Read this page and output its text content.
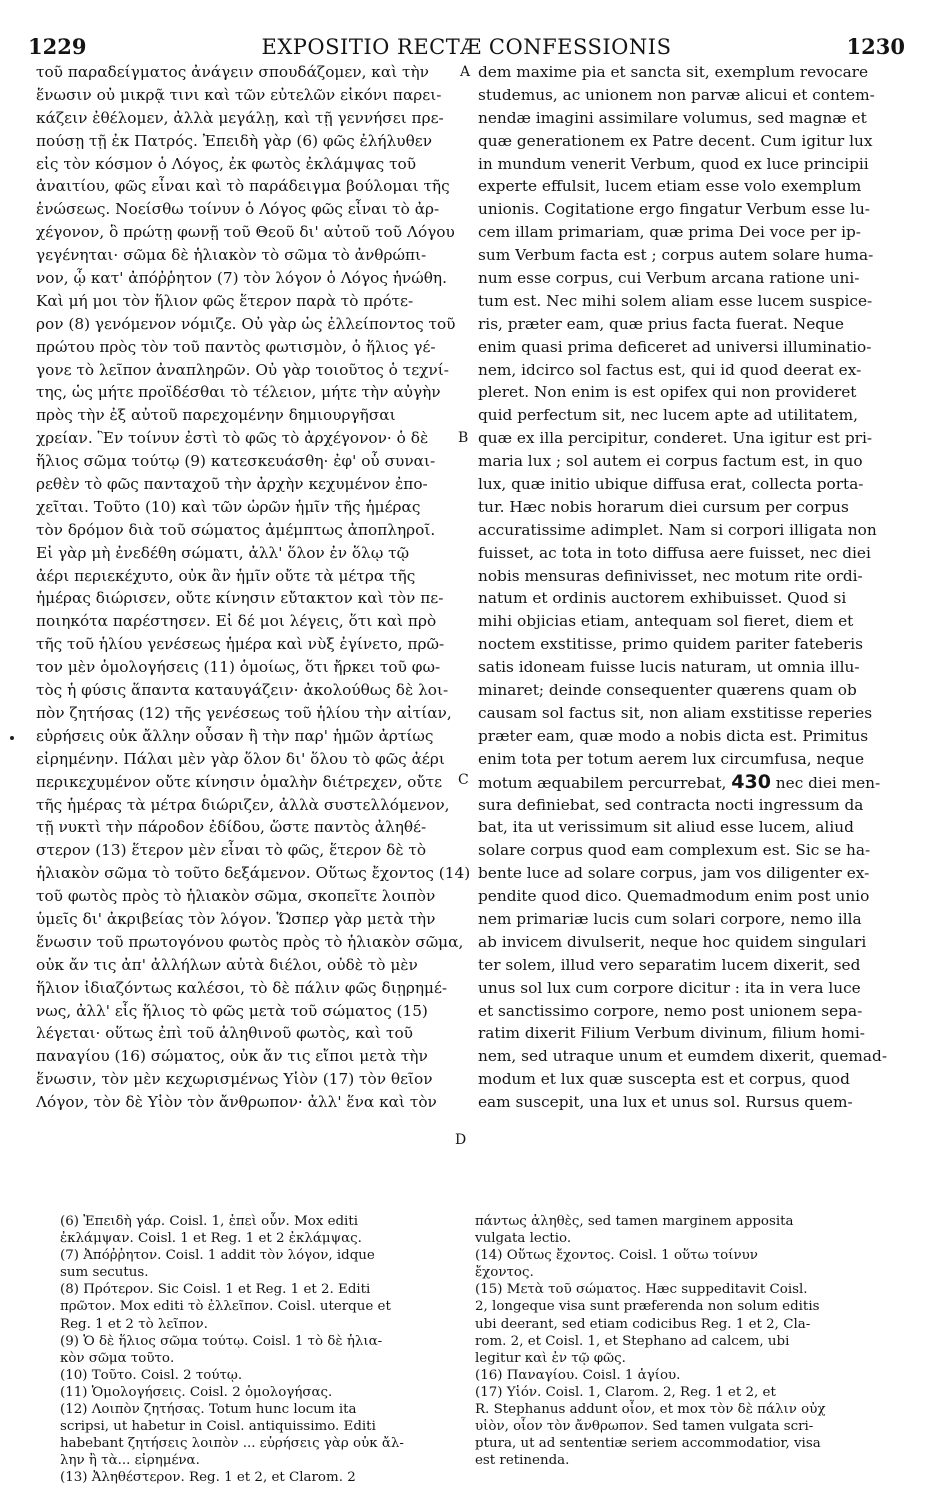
1229	EXPOSITIO RECTÆ CONFESSIONIS	1230
τοῦ παραδείγματος ἀνάγειν σπουδάζομεν, καὶ τὴν
ἕνωσιν οὐ μικρᾷ τινι καὶ τῶν εὐτελῶν εἰκόνι παρει-
κάζειν ἐθέλομεν, ἀλλὰ μεγάλῃ, καὶ τῇ γεννήσει πρε-
πούσῃ τῇ ἐκ Πατρός. Ἐπειδὴ γὰρ (6) φῶς ἐλήλυθεν
εἰς τὸν κόσμον ὁ Λόγος, ἐκ φωτὸς ἐκλάμψας τοῦ
ἀναιτίου, φῶς εἶναι καὶ τὸ παράδειγμα βούλομαι τῆς
ἑνώσεως. Νοείσθω τοίνυν ὁ Λόγος φῶς εἶναι τὸ ἀρ-
χέγονον, ὃ πρώτῃ φωνῇ τοῦ Θεοῦ δι' αὐτοῦ τοῦ Λόγου
γεγένηται· σῶμα δὲ ἡλιακὸν τὸ σῶμα τὸ ἀνθρώπι-
νον, ᾧ κατ' ἀπόῤῥητον (7) τὸν λόγον ὁ Λόγος ἡνώθη.
Καὶ μή μοι τὸν ἥλιον φῶς ἕτερον παρὰ τὸ πρότε-
ρον (8) γενόμενον νόμιζε. Οὐ γὰρ ὡς ἐλλείποντος τοῦ
πρώτου πρὸς τὸν τοῦ παντὸς φωτισμὸν, ὁ ἥλιος γέ-
γονε τὸ λεῖπον ἀναπληρῶν. Οὐ γὰρ τοιοῦτος ὁ τεχνί-
της, ὡς μήτε προϊδέσθαι τὸ τέλειον, μήτε τὴν αὐγὴν
πρὸς τὴν ἐξ αὐτοῦ παρεχομένην δημιουργῆσαι
χρείαν. Ἓν τοίνυν ἐστὶ τὸ φῶς τὸ ἀρχέγονον· ὁ δὲ
ἥλιος σῶμα τούτῳ (9) κατεσκευάσθη· ἐφ' οὗ συναι-
ρεθὲν τὸ φῶς πανταχοῦ τὴν ἀρχὴν κεχυμένον ἐπο-
χεῖται. Τοῦτο (10) καὶ τῶν ὡρῶν ἡμῖν τῆς ἡμέρας
τὸν δρόμον διὰ τοῦ σώματος ἀμέμπτως ἀποπληροῖ.
Εἰ γὰρ μὴ ἐνεδέθη σώματι, ἀλλ' ὅλον ἐν ὅλῳ τῷ
ἀέρι περιεκέχυτο, οὐκ ἂν ἡμῖν οὔτε τὰ μέτρα τῆς
ἡμέρας διώρισεν, οὔτε κίνησιν εὔτακτον καὶ τὸν πε-
ποιηκότα παρέστησεν. Εἰ δέ μοι λέγεις, ὅτι καὶ πρὸ
τῆς τοῦ ἡλίου γενέσεως ἡμέρα καὶ νὺξ ἐγίνετο, πρῶ-
τον μὲν ὁμολογήσεις (11) ὁμοίως, ὅτι ἤρκει τοῦ φω-
τὸς ἡ φύσις ἅπαντα καταυγάζειν· ἀκολούθως δὲ λοι-
πὸν ζητήσας (12) τῆς γενέσεως τοῦ ἡλίου τὴν αἰτίαν,
εὑρήσεις οὐκ ἄλλην οὖσαν ἢ τὴν παρ' ἡμῶν ἀρτίως
εἰρημένην. Πάλαι μὲν γὰρ ὅλον δι' ὅλου τὸ φῶς ἀέρι
περικεχυμένον οὔτε κίνησιν ὁμαλὴν διέτρεχεν, οὔτε
τῆς ἡμέρας τὰ μέτρα διώριζεν, ἀλλὰ συστελλόμενον,
τῇ νυκτὶ τὴν πάροδον ἐδίδου, ὥστε παντὸς ἀληθέ-
στερον (13) ἕτερον μὲν εἶναι τὸ φῶς, ἕτερον δὲ τὸ
ἡλιακὸν σῶμα τὸ τοῦτο δεξάμενον. Οὕτως ἔχοντος (14)
τοῦ φωτὸς πρὸς τὸ ἡλιακὸν σῶμα, σκοπεῖτε λοιπὸν
ὑμεῖς δι' ἀκριβείας τὸν λόγον. Ὥσπερ γὰρ μετὰ τὴν
ἕνωσιν τοῦ πρωτογόνου φωτὸς πρὸς τὸ ἡλιακὸν σῶμα,
οὐκ ἄν τις ἀπ' ἀλλήλων αὐτὰ διέλοι, οὐδὲ τὸ μὲν
ἥλιον ἰδιαζόντως καλέσοι, τὸ δὲ πάλιν φῶς διῃρημέ-
νως, ἀλλ' εἷς ἥλιος τὸ φῶς μετὰ τοῦ σώματος (15)
λέγεται· οὕτως ἐπὶ τοῦ ἀληθινοῦ φωτὸς, καὶ τοῦ
παναγίου (16) σώματος, οὐκ ἄν τις εἴποι μετὰ τὴν
ἕνωσιν, τὸν μὲν κεχωρισμένως Υἱὸν (17) τὸν θεῖον
Λόγον, τὸν δὲ Υἱὸν τὸν ἄνθρωπον· ἀλλ' ἕνα καὶ τὸν
dem maxime pia et sancta sit, exemplum revocare
studemus, ac unionem non parvæ alicui et contem-
nendæ imagini assimilare volumus, sed magnæ et
quæ generationem ex Patre decent. Cum igitur lux
in mundum venerit Verbum, quod ex luce principii
experte effulsit, lucem etiam esse volo exemplum
unionis. Cogitatione ergo fingatur Verbum esse lu-
cem illam primariam, quæ prima Dei voce per ip-
sum Verbum facta est ; corpus autem solare huma-
num esse corpus, cui Verbum arcana ratione uni-
tum est. Nec mihi solem aliam esse lucem suspice-
ris, præter eam, quæ prius facta fuerat. Neque
enim quasi prima deficeret ad universi illuminatio-
nem, idcirco sol factus est, qui id quod deerat ex-
pleret. Non enim is est opifex qui non provideret
quid perfectum sit, nec lucem apte ad utilitatem,
quæ ex illa percipitur, conderet. Una igitur est pri-
maria lux ; sol autem ei corpus factum est, in quo
lux, quæ initio ubique diffusa erat, collecta porta-
tur. Hæc nobis horarum diei cursum per corpus
accuratissime adimplet. Nam si corpori illigata non
fuisset, ac tota in toto diffusa aere fuisset, nec diei
nobis mensuras definivisset, nec motum rite ordi-
natum et ordinis auctorem exhibuisset. Quod si
mihi objicias etiam, antequam sol fieret, diem et
noctem exstitisse, primo quidem pariter fateberis
satis idoneam fuisse lucis naturam, ut omnia illu-
minaret; deinde consequenter quærens quam ob
causam sol factus sit, non aliam exstitisse reperies
præter eam, quæ modo a nobis dicta est. Primitus
enim tota per totum aerem lux circumfusa, neque
motum æquabilem percurrebat, 430 nec diei men-
sura definiebat, sed contracta nocti ingressum da
bat, ita ut verissimum sit aliud esse lucem, aliud
solare corpus quod eam complexum est. Sic se ha-
bente luce ad solare corpus, jam vos diligenter ex-
pendite quod dico. Quemadmodum enim post unio
nem primariæ lucis cum solari corpore, nemo illa
ab invicem divulserit, neque hoc quidem singulari
ter solem, illud vero separatim lucem dixerit, sed
unus sol lux cum corpore dicitur : ita in vera luce
et sanctissimo corpore, nemo post unionem sepa-
ratim dixerit Filium Verbum divinum, filium homi-
nem, sed utraque unum et eumdem dixerit, quemad-
modum et lux quæ suscepta est et corpus, quod
eam suscepit, una lux et unus sol. Rursus quem-
A
B
C
D
(6) Ἐπειδὴ γάρ. Coisl. 1, ἐπεὶ οὖν. Mox editi
ἐκλάμψαν. Coisl. 1 et Reg. 1 et 2 ἐκλάμψας.
(7) Ἀπόῤῥητον. Coisl. 1 addit τὸν λόγον, idque
sum secutus.
(8) Πρότερον. Sic Coisl. 1 et Reg. 1 et 2. Editi
πρῶτον. Mox editi τὸ ἐλλεῖπον. Coisl. uterque et
Reg. 1 et 2 τὸ λεῖπον.
(9) Ὁ δὲ ἥλιος σῶμα τούτῳ. Coisl. 1 τὸ δὲ ἡλια-
κὸν σῶμα τοῦτο.
(10) Τοῦτο. Coisl. 2 τούτῳ.
(11) Ὁμολογήσεις. Coisl. 2 ὁμολογήσας.
(12) Λοιπὸν ζητήσας. Totum hunc locum ita
scripsi, ut habetur in Coisl. antiquissimo. Editi
habebant ζητήσεις λοιπὸν ... εὑρήσεις γὰρ οὐκ ἄλ-
λην ἢ τὰ... εἰρημένα.
(13) Ἀληθέστερον. Reg. 1 et 2, et Clarom. 2
πάντως ἀληθὲς, sed tamen marginem apposita
vulgata lectio.
(14) Οὕτως ἔχοντος. Coisl. 1 οὕτω τοίνυν
ἔχοντος.
(15) Μετὰ τοῦ σώματος. Hæc suppeditavit Coisl.
2, longeque visa sunt præferenda non solum editis
ubi deerant, sed etiam codicibus Reg. 1 et 2, Cla-
rom. 2, et Coisl. 1, et Stephano ad calcem, ubi
legitur καὶ ἐν τῷ φῶς.
(16) Παναγίου. Coisl. 1 ἁγίου.
(17) Υἱόν. Coisl. 1, Clarom. 2, Reg. 1 et 2, et
R. Stephanus addunt οἶον, et mox τὸν δὲ πάλιν οὐχ
υἱὸν, οἷον τὸν ἄνθρωπον. Sed tamen vulgata scri-
ptura, ut ad sententiæ seriem accommodatior, visa
est retinenda.
